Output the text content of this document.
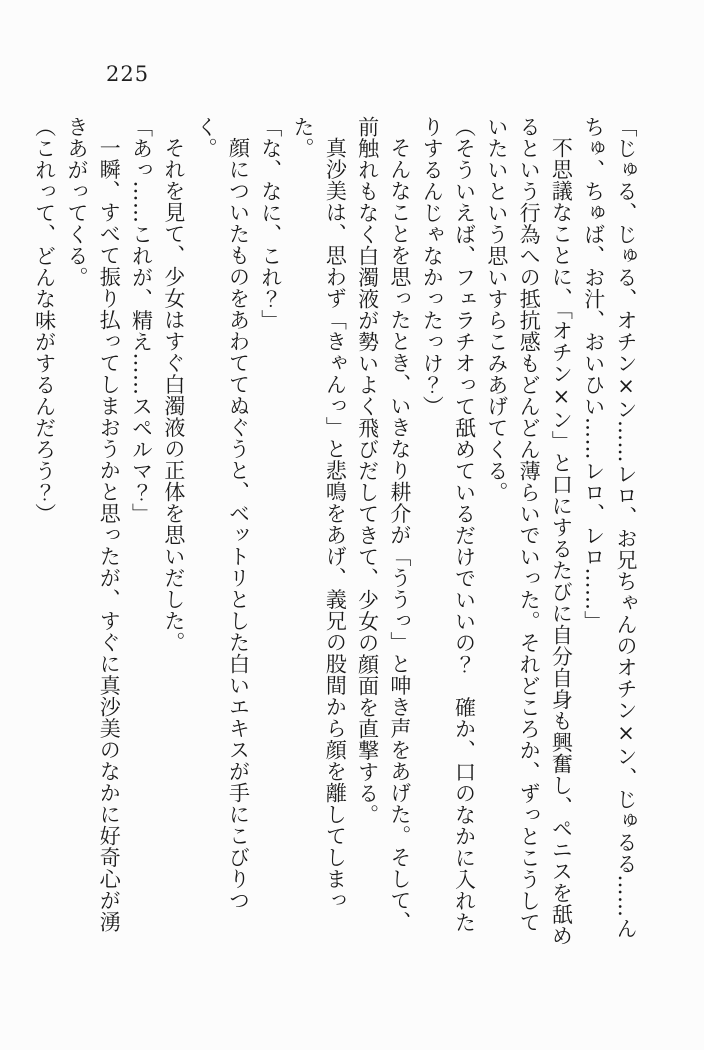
225

「じゅる、じゅる、オチン×ン……レロ、お兄ちゃんのオチン×ン、じゅるる……んちゅ、ちゅば、お汁、おいひい……レロ、レロ……」

不思議なことに、「オチン×ン」と口にするたびに自分自身も興奮し、ペニスを舐めるという行為への抵抗感もどんどん薄らいでいった。それどころか、ずっとこうしていたいという思いすらこみあげてくる。

（そういえば、フェラチオって舐めているだけでいいの？　確か、口のなかに入れたりするんじゃなかったっけ？）

そんなことを思ったとき、いきなり耕介が「ううっ」と呻き声をあげた。そして、前触れもなく白濁液が勢いよく飛びだしてきて、少女の顔面を直撃する。

真沙美は、思わず「きゃんっ」と悲鳴をあげ、義兄の股間から顔を離してしまった。

「な、なに、これ？」

顔についたものをあわててぬぐうと、ベットリとした白いエキスが手にこびりつく。

それを見て、少女はすぐ白濁液の正体を思いだした。

「あっ……これが、精え……スペルマ？」

一瞬、すべて振り払ってしまおうかと思ったが、すぐに真沙美のなかに好奇心が湧きあがってくる。

（これって、どんな味がするんだろう？）
